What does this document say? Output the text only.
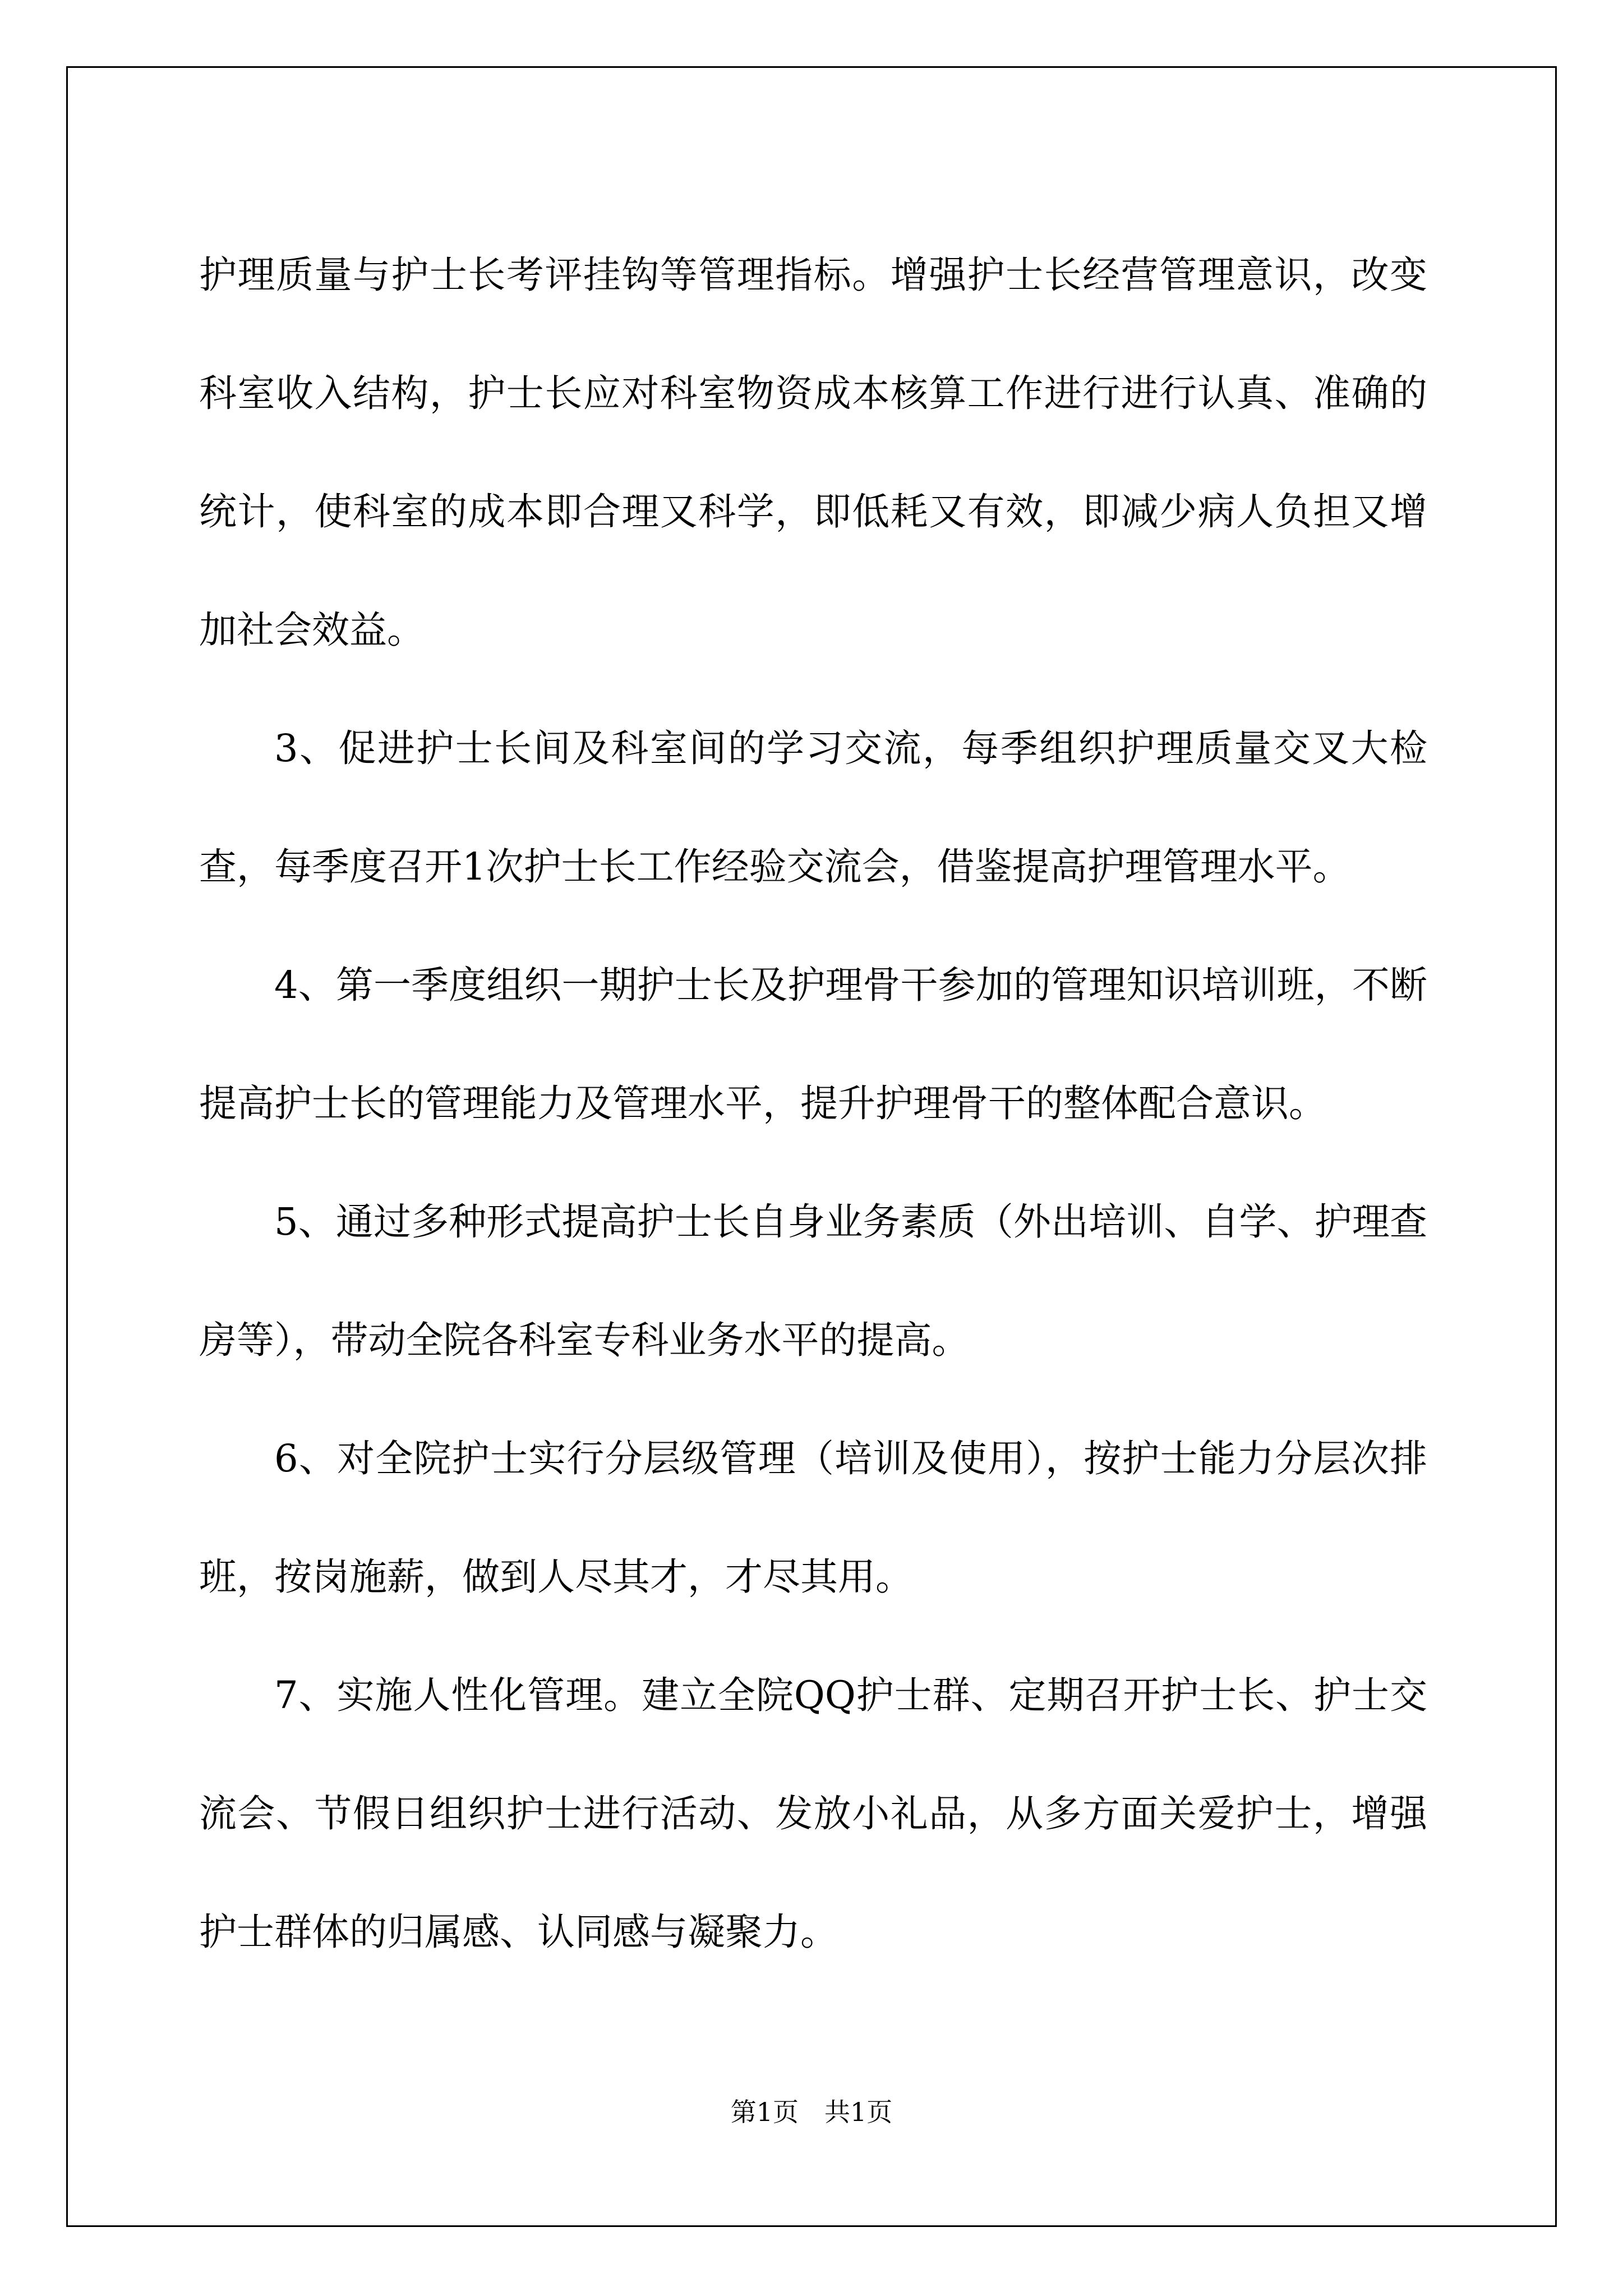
护理质量与护士长考评挂钩等管理指标。增强护士长经营管理意识，改变科室收入结构，护士长应对科室物资成本核算工作进行进行认真、准确的统计，使科室的成本即合理又科学，即低耗又有效，即减少病人负担又增加社会效益。

3、促进护士长间及科室间的学习交流，每季组织护理质量交叉大检查，每季度召开1次护士长工作经验交流会，借鉴提高护理管理水平。

4、第一季度组织一期护士长及护理骨干参加的管理知识培训班，不断提高护士长的管理能力及管理水平，提升护理骨干的整体配合意识。

5、通过多种形式提高护士长自身业务素质（外出培训、自学、护理查房等），带动全院各科室专科业务水平的提高。

6、对全院护士实行分层级管理（培训及使用），按护士能力分层次排班，按岗施薪，做到人尽其才，才尽其用。

7、实施人性化管理。建立全院QQ护士群、定期召开护士长、护士交流会、节假日组织护士进行活动、发放小礼品，从多方面关爱护士，增强护士群体的归属感、认同感与凝聚力。

第1页　共1页
